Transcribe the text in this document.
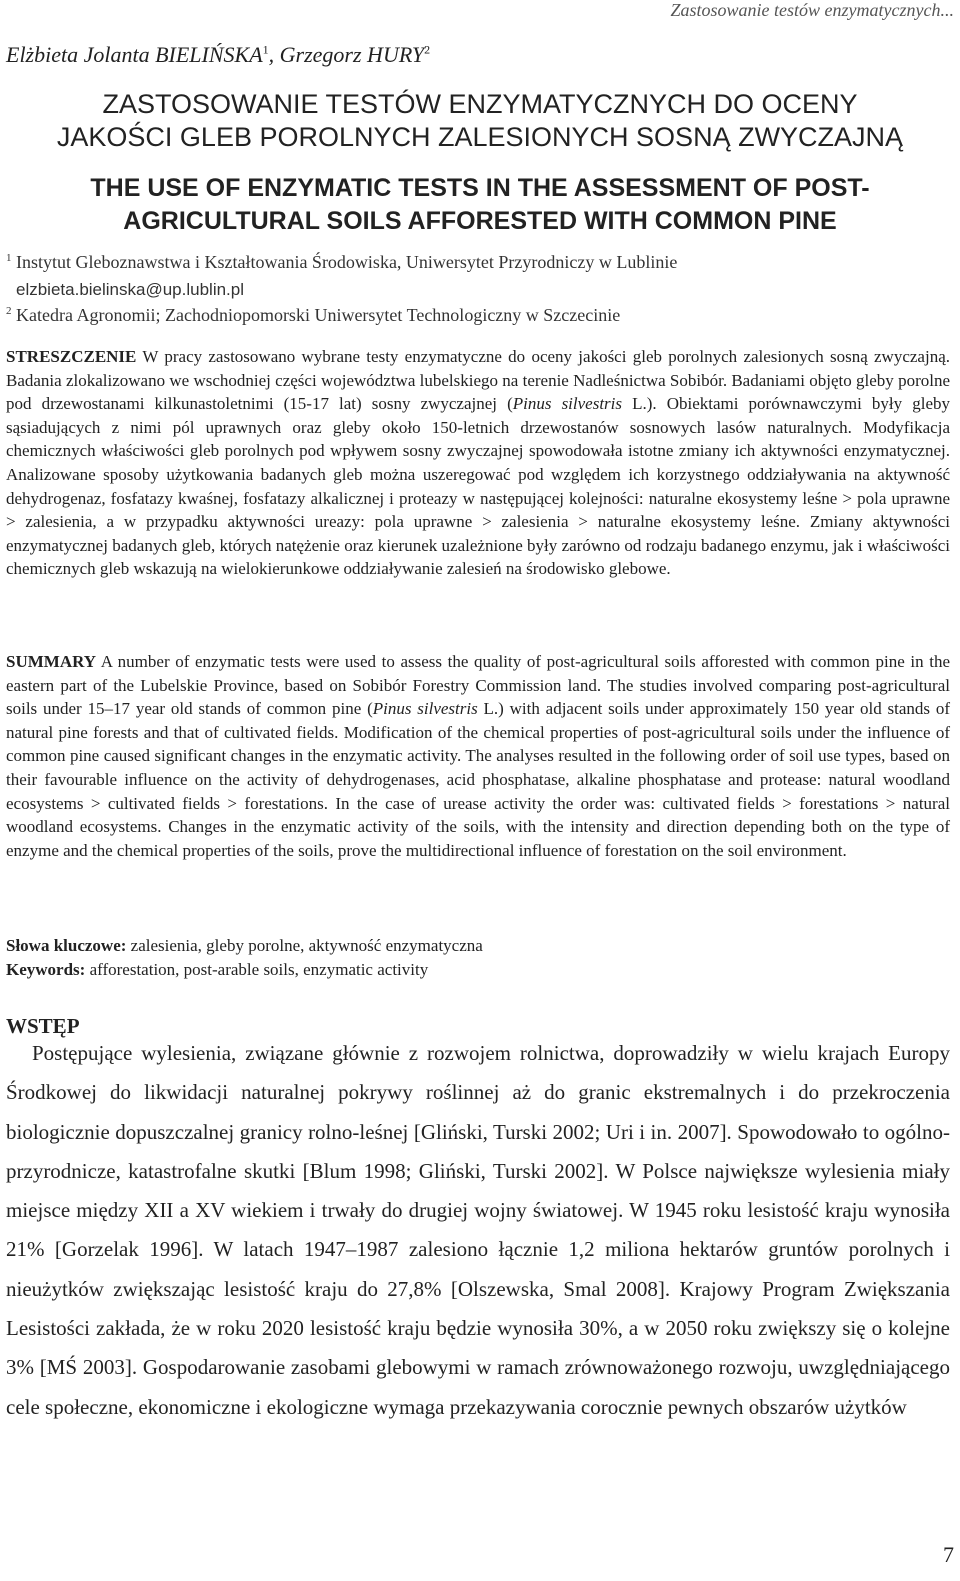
Zastosowanie testów enzymatycznych...
Elżbieta Jolanta BIELIŃSKA$^1$, Grzegorz HURY$^2$
ZASTOSOWANIE TESTÓW ENZYMATYCZNYCH DO OCENY
JAKOŚCI GLEB POROLNYCH ZALESIONYCH SOSNĄ ZWYCZAJNĄ
THE USE OF ENZYMATIC TESTS IN THE ASSESSMENT OF POST-
AGRICULTURAL SOILS AFFORESTED WITH COMMON PINE
$^1$ Instytut Gleboznawstwa i Kształtowania Środowiska, Uniwersytet Przyrodniczy w Lublinie
elzbieta.bielinska@up.lublin.pl
$^2$ Katedra Agronomii; Zachodniopomorski Uniwersytet Technologiczny w Szczecinie
STRESZCZENIE W pracy zastosowano wybrane testy enzymatyczne do oceny jakości gleb porolnych zalesionych sosną zwyczajną. Badania zlokalizowano we wschodniej części województwa lubelskiego na terenie Nadleśnictwa Sobibór. Badaniami objęto gleby porolne pod drzewostanami kilkunastoletnimi (15-17 lat) sosny zwyczajnej (Pinus silvestris L.). Obiektami porównawczymi były gleby sąsiadujących z nimi pól uprawnych oraz gleby około 150-letnich drzewostanów sosnowych lasów naturalnych. Modyfikacja chemicznych właściwości gleb porolnych pod wpływem sosny zwyczajnej spowodowała istotne zmiany ich aktywności enzymatycznej. Analizowane sposoby użytkowania badanych gleb można uszeregować pod względem ich korzystnego oddziaływania na aktywność dehydrogenaz, fosfatazy kwaśnej, fosfatazy alkalicznej i proteazy w następującej kolejności: naturalne ekosystemy leśne > pola uprawne > zalesienia, a w przypadku aktywności ureazy: pola uprawne > zalesienia > naturalne ekosystemy leśne. Zmiany aktywności enzymatycznej badanych gleb, których natężenie oraz kierunek uzależnione były zarówno od rodzaju badanego enzymu, jak i właściwości chemicznych gleb wskazują na wielokierunkowe oddziaływanie zalesień na środowisko glebowe.
SUMMARY A number of enzymatic tests were used to assess the quality of post-agricultural soils afforested with common pine in the eastern part of the Lubelskie Province, based on Sobibór Forestry Commission land. The studies involved comparing post-agricultural soils under 15–17 year old stands of common pine (Pinus silvestris L.) with adjacent soils under approximately 150 year old stands of natural pine forests and that of cultivated fields. Modification of the chemical properties of post-agricultural soils under the influence of common pine caused significant changes in the enzymatic activity. The analyses resulted in the following order of soil use types, based on their favourable influence on the activity of dehydrogenases, acid phosphatase, alkaline phosphatase and protease: natural woodland ecosystems > cultivated fields > forestations. In the case of urease activity the order was: cultivated fields > forestations > natural woodland ecosystems. Changes in the enzymatic activity of the soils, with the intensity and direction depending both on the type of enzyme and the chemical properties of the soils, prove the multidirectional influence of forestation on the soil environment.
Słowa kluczowe: zalesienia, gleby porolne, aktywność enzymatyczna
Keywords: afforestation, post-arable soils, enzymatic activity
WSTĘP
Postępujące wylesienia, związane głównie z rozwojem rolnictwa, doprowadziły w wielu krajach Europy Środkowej do likwidacji naturalnej pokrywy roślinnej aż do granic ekstremalnych i do przekroczenia biologicznie dopuszczalnej granicy rolno-leśnej [Gliński, Turski 2002; Uri i in. 2007]. Spowodowało to ogólno-przyrodnicze, katastrofalne skutki [Blum 1998; Gliński, Turski 2002]. W Polsce największe wylesienia miały miejsce między XII a XV wiekiem i trwały do drugiej wojny światowej. W 1945 roku lesistość kraju wynosiła 21% [Gorzelak 1996]. W latach 1947–1987 zalesiono łącznie 1,2 miliona hektarów gruntów porolnych i nieużytków zwiększając lesistość kraju do 27,8% [Olszewska, Smal 2008]. Krajowy Program Zwiększania Lesistości zakłada, że w roku 2020 lesistość kraju będzie wynosiła 30%, a w 2050 roku zwiększy się o kolejne 3% [MŚ 2003]. Gospodarowanie zasobami glebowymi w ramach zrównoważonego rozwoju, uwzględniającego cele społeczne, ekonomiczne i ekologiczne wymaga przekazywania corocznie pewnych obszarów użytków
7
